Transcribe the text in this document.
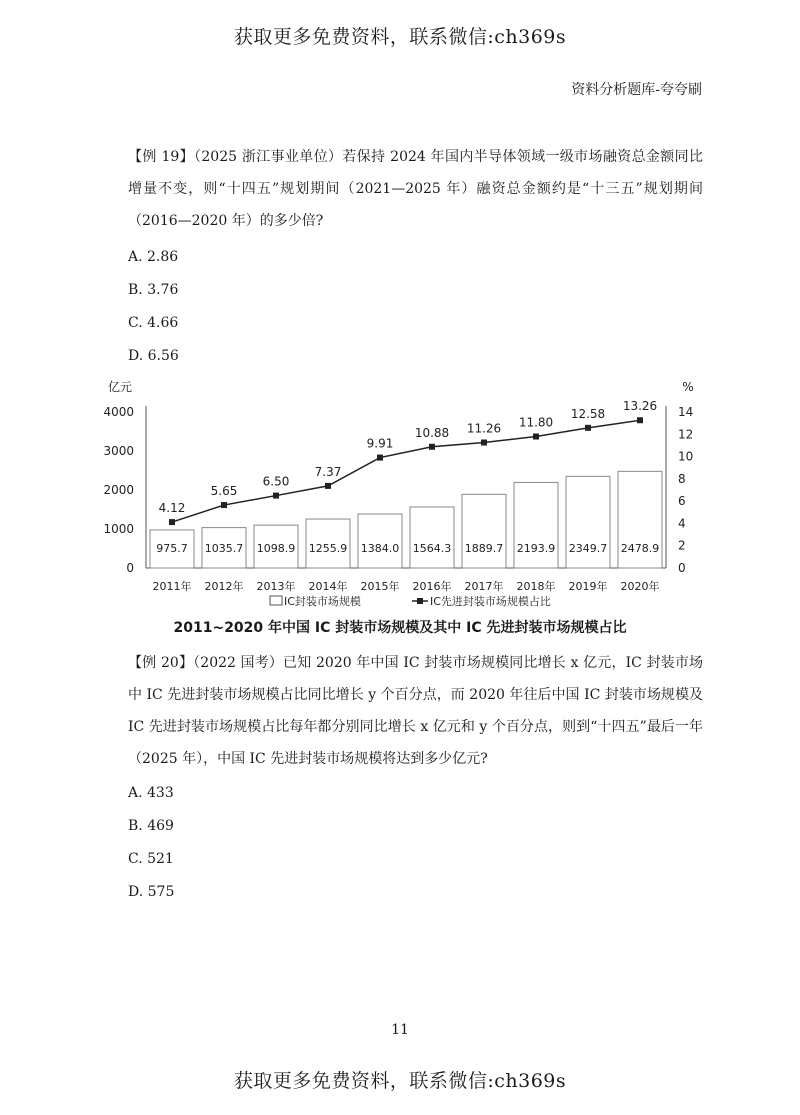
获取更多免费资料，联系微信:ch369s
资料分析题库-夸夸刷
【例 19】（2025 浙江事业单位）若保持 2024 年国内半导体领域一级市场融资总金额同比增量不变，则“十四五”规划期间（2021—2025 年）融资总金额约是“十三五”规划期间（2016—2020 年）的多少倍?
A. 2.86
B. 3.76
C. 4.66
D. 6.56
亿元	%
0
1000
2000
3000
4000
0
2
4
6
8
10
12
14
975.7 1035.7 1098.9 1255.9 1384.0 1564.3 1889.7 2193.9 2349.7 2478.9
4.12
5.65
6.50
7.37
9.91
10.88 11.26 11.80
12.58
13.26
2011年 2012年 2013年 2014年 2015年 2016年 2017年 2018年 2019年 2020年
IC封装市场规模	IC先进封装市场规模占比
2011~2020 年中国 IC 封装市场规模及其中 IC 先进封装市场规模占比
【例 20】（2022 国考）已知 2020 年中国 IC 封装市场规模同比增长 x 亿元，IC 封装市场中 IC 先进封装市场规模占比同比增长 y 个百分点，而 2020 年往后中国 IC 封装市场规模及 IC 先进封装市场规模占比每年都分别同比增长 x 亿元和 y 个百分点，则到“十四五”最后一年（2025 年），中国 IC 先进封装市场规模将达到多少亿元?
A. 433
B. 469
C. 521
D. 575
11
获取更多免费资料，联系微信:ch369s
